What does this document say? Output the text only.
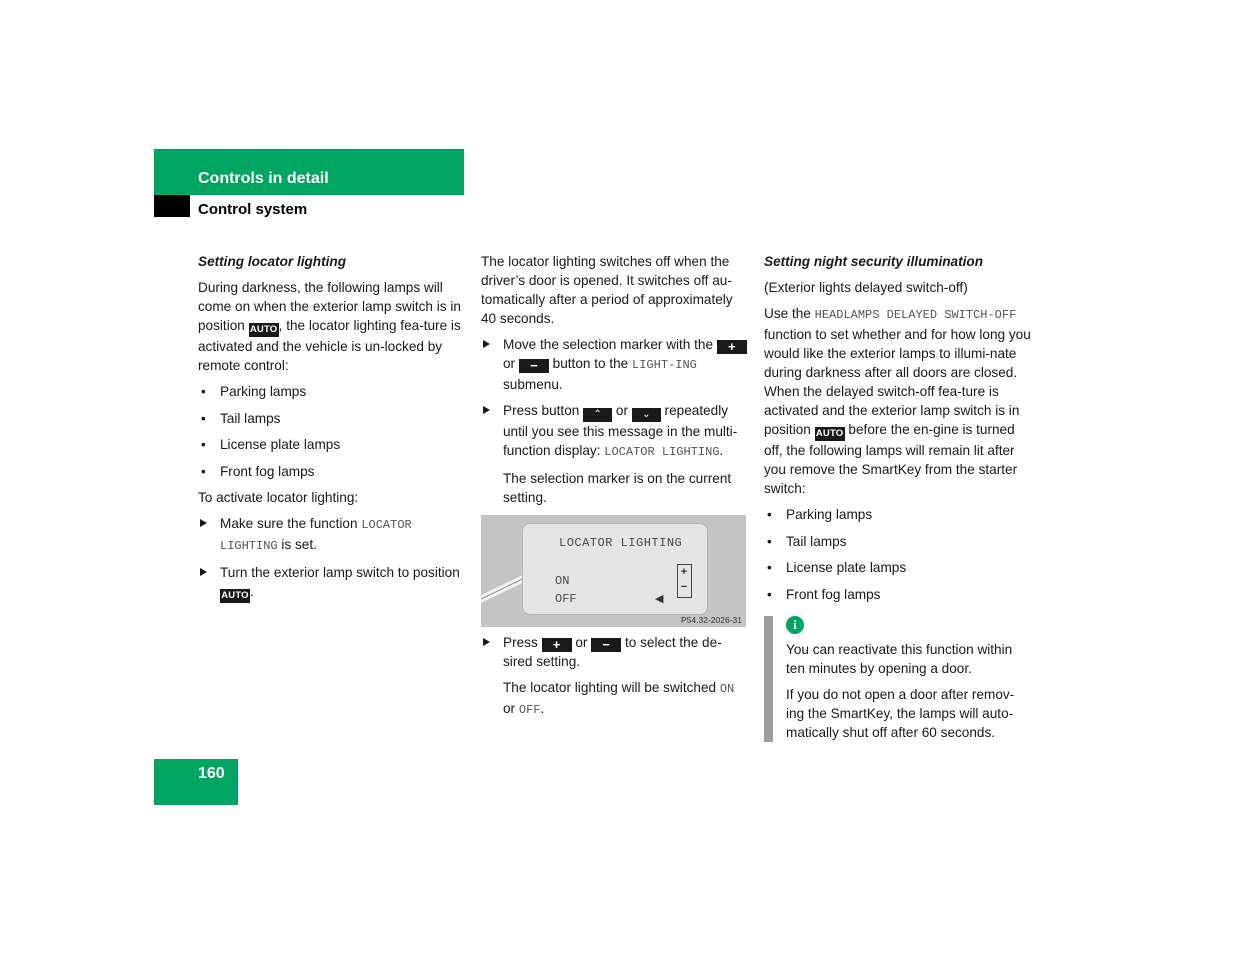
Controls in detail
Control system
Setting locator lighting

During darkness, the following lamps will come on when the exterior lamp switch is in position AUTO, the locator lighting fea-ture is activated and the vehicle is un-locked by remote control:

• Parking lamps
• Tail lamps
• License plate lamps
• Front fog lamps

To activate locator lighting:

Make sure the function LOCATOR LIGHTING is set.
Turn the exterior lamp switch to position AUTO.

The locator lighting switches off when the driver’s door is opened. It switches off au-tomatically after a period of approximately 40 seconds.

Move the selection marker with the + or − button to the LIGHT-ING submenu.
Press button ⌃ or ⌄ repeatedly until you see this message in the multi-function display: LOCATOR LIGHTING.

The selection marker is on the current setting.

LOCATOR LIGHTING
ON
OFF	◀
+
−
P54.32-2026-31
Press + or − to select the de-sired setting.

The locator lighting will be switched ON or OFF.

Setting night security illumination

(Exterior lights delayed switch-off)

Use the HEADLAMPS DELAYED SWITCH-OFF function to set whether and for how long you would like the exterior lamps to illumi-nate during darkness after all doors are closed. When the delayed switch-off fea-ture is activated and the exterior lamp switch is in position AUTO before the en-gine is turned off, the following lamps will remain lit after you remove the SmartKey from the starter switch:

• Parking lamps
• Tail lamps
• License plate lamps
• Front fog lamps
i

You can reactivate this function within ten minutes by opening a door.

If you do not open a door after remov-ing the SmartKey, the lamps will auto-matically shut off after 60 seconds.

160
